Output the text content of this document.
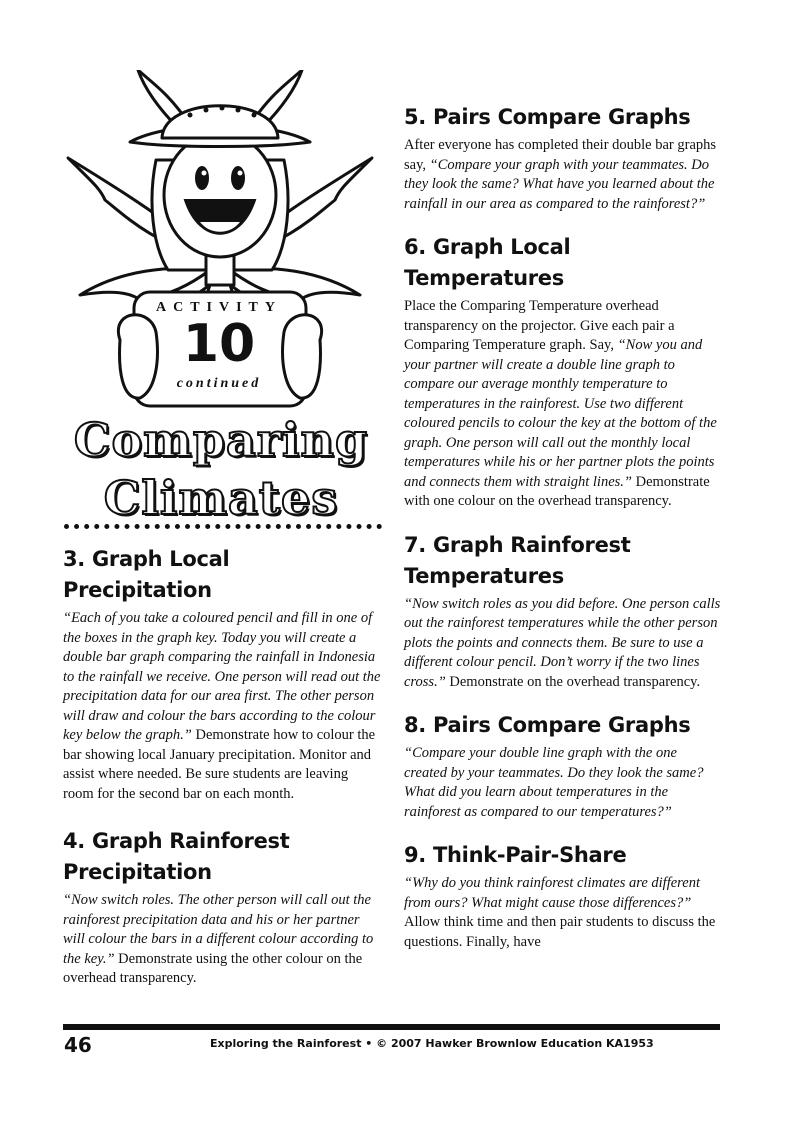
ACTIVITY
10
continued
Comparing
Climates
3. Graph Local Precipitation

“Each of you take a coloured pencil and fill in one of the boxes in the graph key. Today you will create a double bar graph comparing the rainfall in Indonesia to the rainfall we receive. One person will read out the precipitation data for our area first. The other person will draw and colour the bars according to the colour key below the graph.” Demonstrate how to colour the bar showing local January precipitation. Monitor and assist where needed. Be sure students are leaving room for the second bar on each month.

4. Graph Rainforest Precipitation

“Now switch roles. The other person will call out the rainforest precipitation data and his or her partner will colour the bars in a different colour according to the key.” Demonstrate using the other colour on the overhead transparency.

5. Pairs Compare Graphs

After everyone has completed their double bar graphs say, “Compare your graph with your teammates. Do they look the same? What have you learned about the rainfall in our area as compared to the rainforest?”

6. Graph Local Temperatures

Place the Comparing Temperature overhead transparency on the projector. Give each pair a Comparing Temperature graph. Say, “Now you and your partner will create a double line graph to compare our average monthly temperature to temperatures in the rainforest. Use two different coloured pencils to colour the key at the bottom of the graph. One person will call out the monthly local temperatures while his or her partner plots the points and connects them with straight lines.” Demonstrate with one colour on the overhead transparency.

7. Graph Rainforest Temperatures

“Now switch roles as you did before. One person calls out the rainforest temperatures while the other person plots the points and connects them. Be sure to use a different colour pencil. Don’t worry if the two lines cross.” Demonstrate on the overhead transparency.

8. Pairs Compare Graphs

“Compare your double line graph with the one created by your teammates. Do they look the same? What did you learn about temperatures in the rainforest as compared to our temperatures?”

9. Think-Pair-Share

“Why do you think rainforest climates are different from ours? What might cause those differences?” Allow think time and then pair students to discuss the questions. Finally, have

46	Exploring the Rainforest • © 2007 Hawker Brownlow Education KA1953
